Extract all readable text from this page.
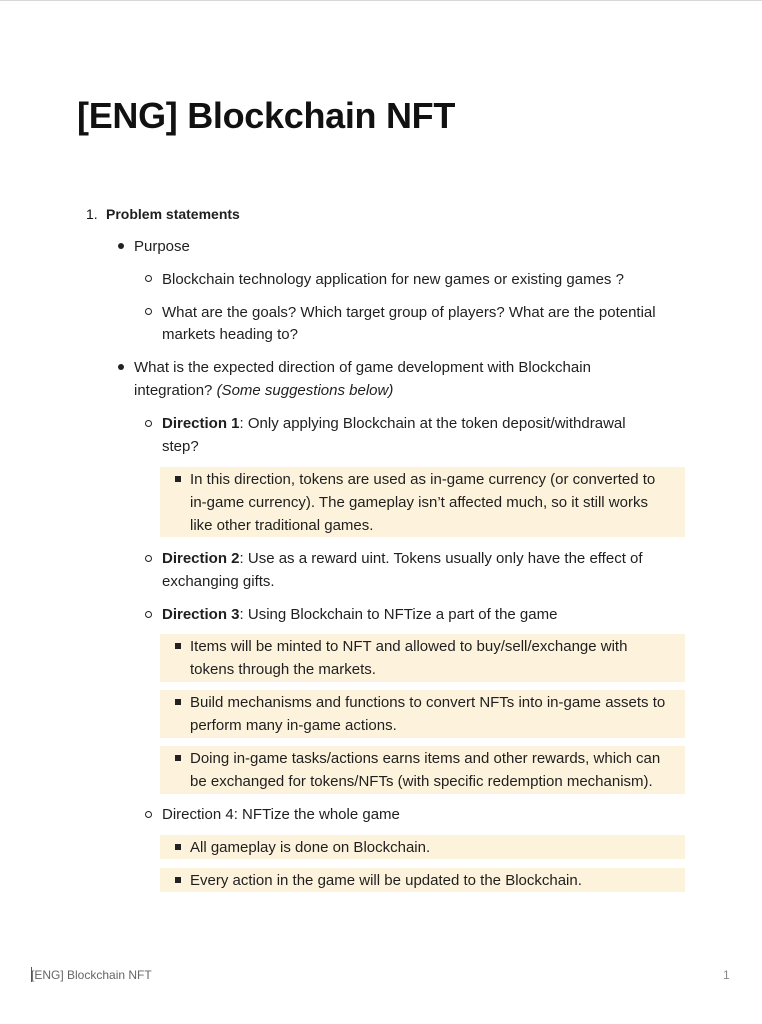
[ENG] Blockchain NFT
1. Problem statements
Purpose
Blockchain technology application for new games or existing games ?
What are the goals? Which target group of players? What are the potential
markets heading to?
What is the expected direction of game development with Blockchain
integration? (Some suggestions below)
Direction 1: Only applying Blockchain at the token deposit/withdrawal
step?
In this direction, tokens are used as in-game currency (or converted to
in-game currency). The gameplay isn’t affected much, so it still works
like other traditional games.
Direction 2: Use as a reward uint. Tokens usually only have the effect of
exchanging gifts.
Direction 3: Using Blockchain to NFTize a part of the game
Items will be minted to NFT and allowed to buy/sell/exchange with
tokens through the markets.
Build mechanisms and functions to convert NFTs into in-game assets to
perform many in-game actions.
Doing in-game tasks/actions earns items and other rewards, which can
be exchanged for tokens/NFTs (with specific redemption mechanism).
Direction 4: NFTize the whole game
All gameplay is done on Blockchain.
Every action in the game will be updated to the Blockchain.
[ENG] Blockchain NFT	1
